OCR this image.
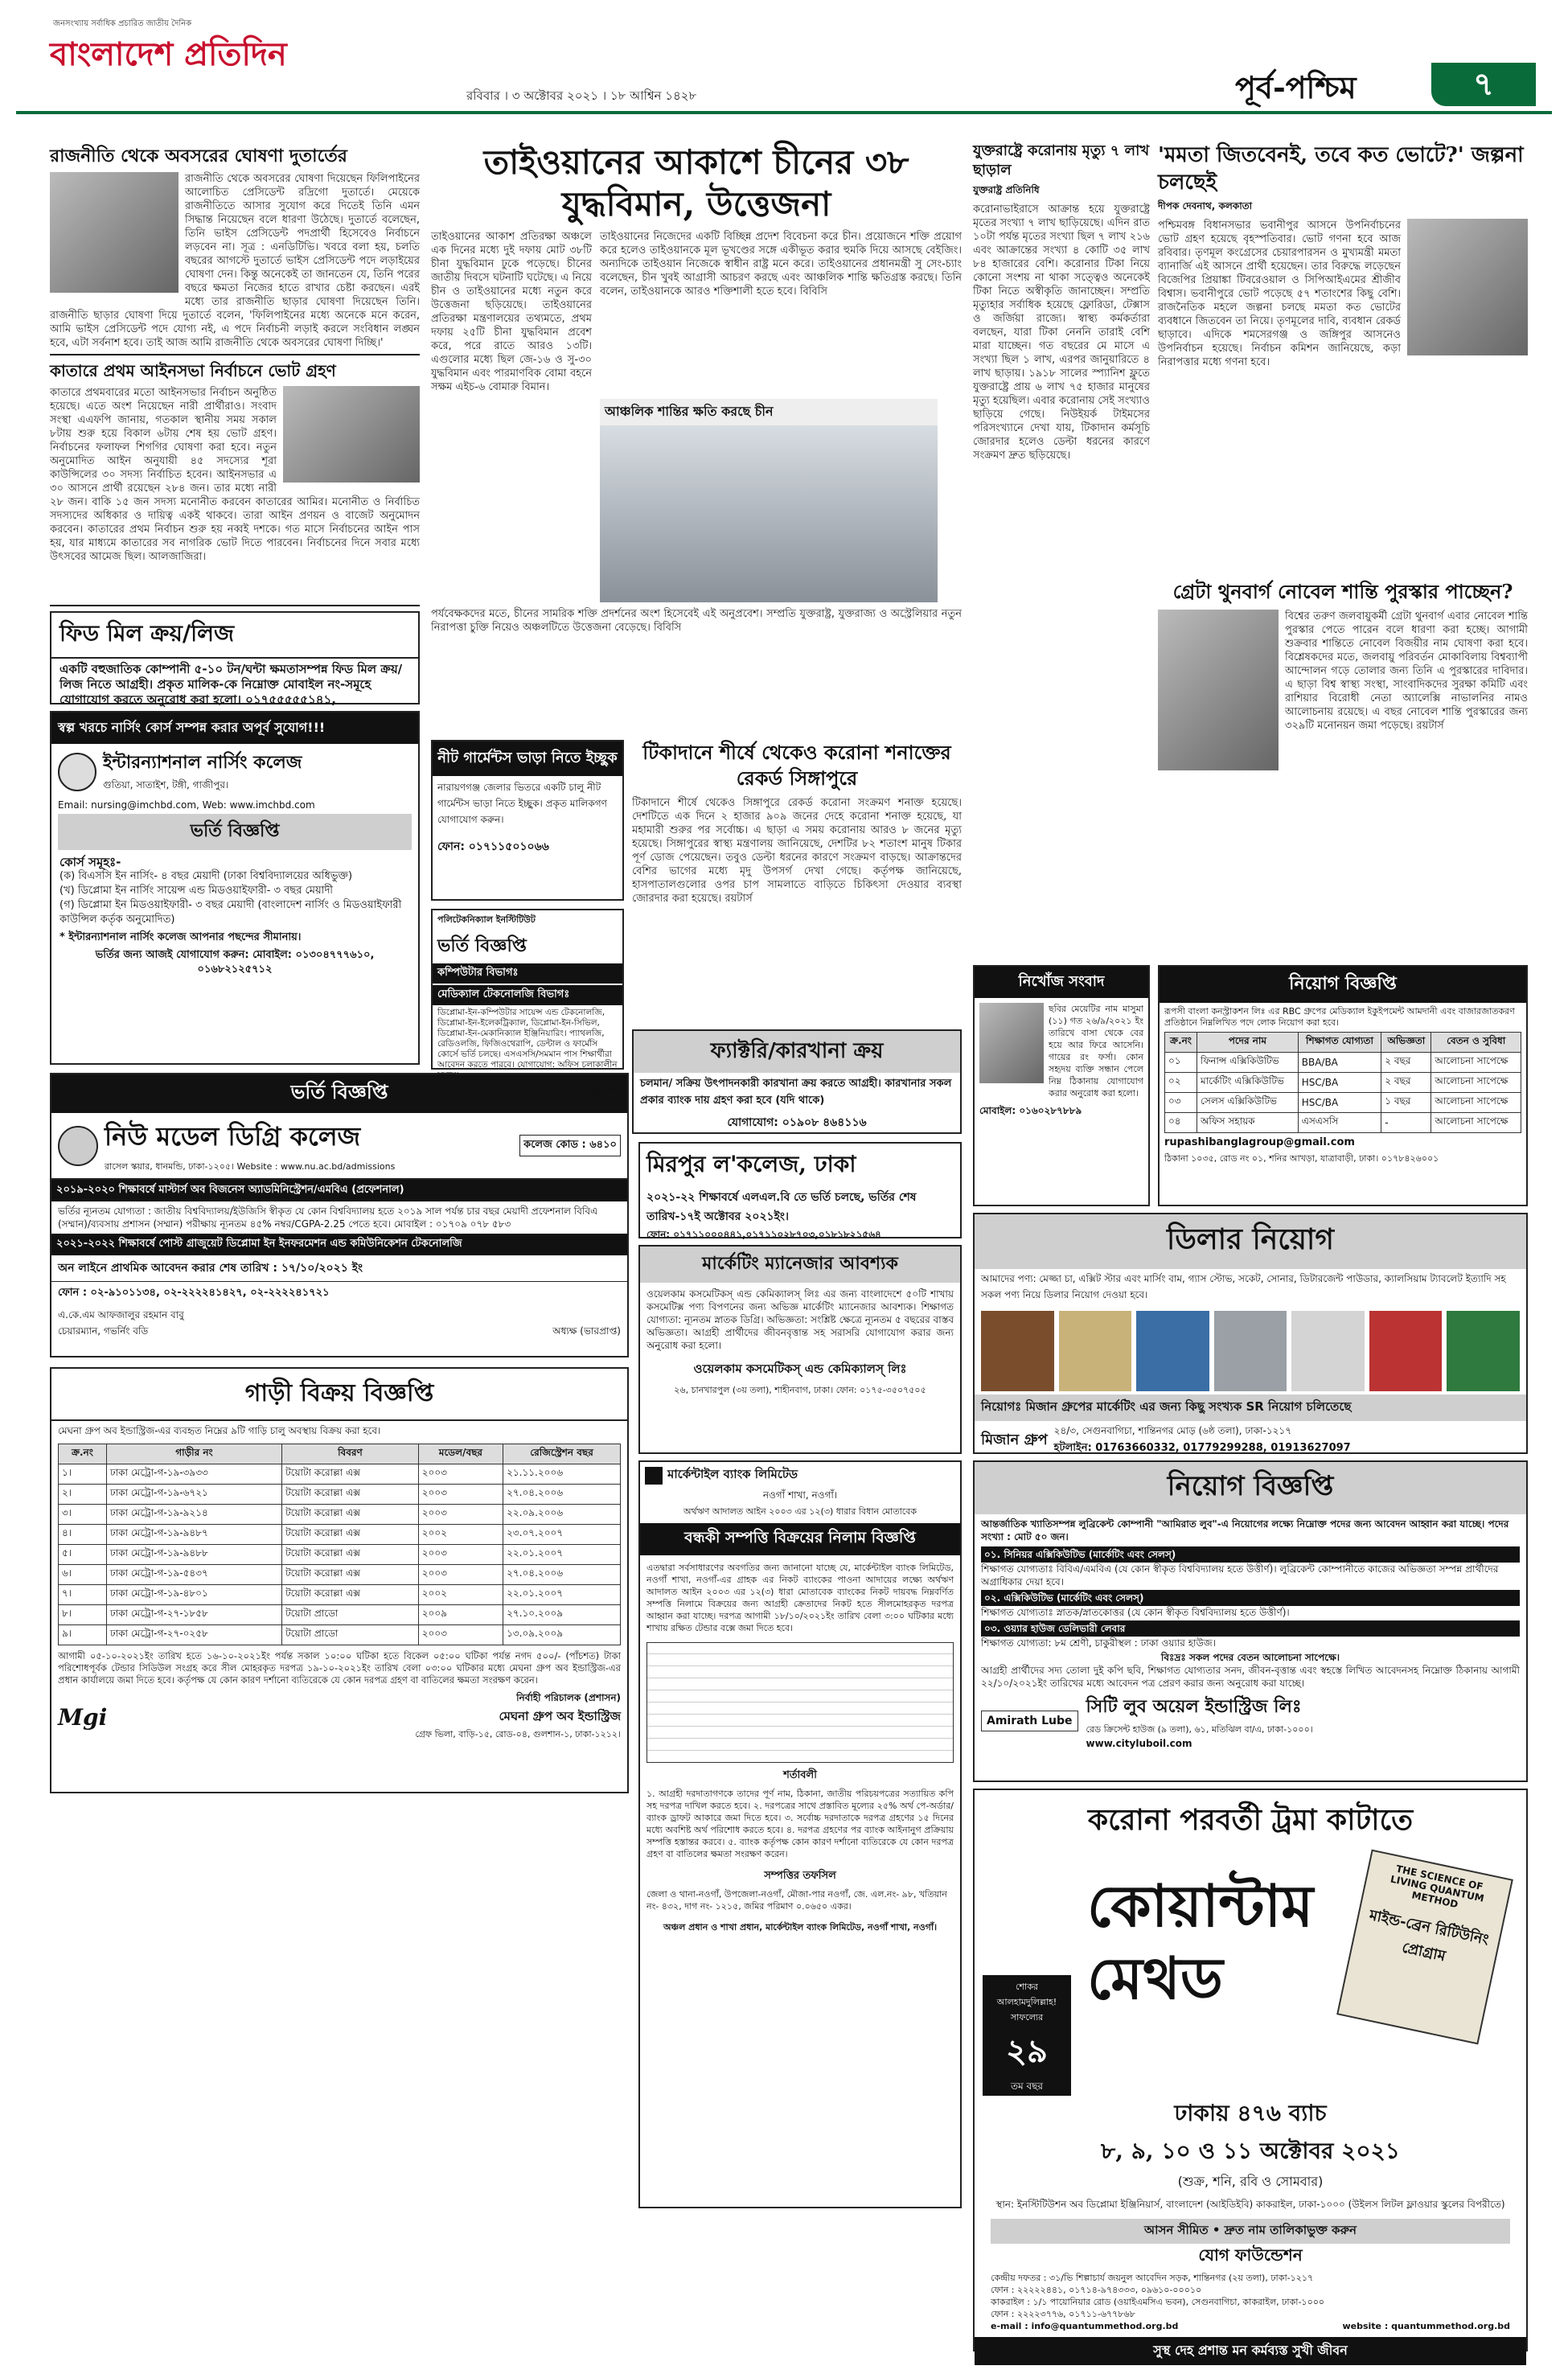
জনসংখ্যায় সর্বাধিক প্রচারিত জাতীয় দৈনিক
বাংলাদেশ প্রতিদিন
রবিবার । ৩ অক্টোবর ২০২১ । ১৮ আশ্বিন ১৪২৮	পূর্ব-পশ্চিম	৭
রাজনীতি থেকে অবসরের ঘোষণা দুতার্তের
রাজনীতি থেকে অবসরের ঘোষণা দিয়েছেন ফিলিপাইনের আলোচিত প্রেসিডেন্ট রদ্রিগো দুতার্তে। মেয়েকে রাজনীতিতে আসার সুযোগ করে দিতেই তিনি এমন সিদ্ধান্ত নিয়েছেন বলে ধারণা উঠেছে। দুতার্তে বলেছেন, তিনি ভাইস প্রেসিডেন্ট পদপ্রার্থী হিসেবেও নির্বাচনে লড়বেন না। সূত্র : এনডিটিভি। খবরে বলা হয়, চলতি বছরের আগস্টে দুতার্তে ভাইস প্রেসিডেন্ট পদে লড়াইয়ের ঘোষণা দেন। কিন্তু অনেকেই তা জানতেন যে, তিনি পরের বছরে ক্ষমতা নিজের হাতে রাখার চেষ্টা করছেন। এরই মধ্যে তার রাজনীতি ছাড়ার ঘোষণা দিয়েছেন তিনি। রাজনীতি ছাড়ার ঘোষণা দিয়ে দুতার্তে বলেন, 'ফিলিপাইনের মধ্যে অনেকে মনে করেন, আমি ভাইস প্রেসিডেন্ট পদে যোগ্য নই, এ পদে নির্বাচনী লড়াই করলে সংবিধান লঙ্ঘন হবে, এটা সর্বনাশ হবে। তাই আজ আমি রাজনীতি থেকে অবসরের ঘোষণা দিচ্ছি।'
কাতারে প্রথম আইনসভা নির্বাচনে ভোট গ্রহণ
কাতারে প্রথমবারের মতো আইনসভার নির্বাচন অনুষ্ঠিত হয়েছে। এতে অংশ নিয়েছেন নারী প্রার্থীরাও। সংবাদ সংস্থা এএফপি জানায়, গতকাল স্থানীয় সময় সকাল ৮টায় শুরু হয়ে বিকাল ৬টায় শেষ হয় ভোট গ্রহণ। নির্বাচনের ফলাফল শিগগির ঘোষণা করা হবে। নতুন অনুমোদিত আইন অনুযায়ী ৪৫ সদস্যের শূরা কাউন্সিলের ৩০ সদস্য নির্বাচিত হবেন। আইনসভার এ ৩০ আসনে প্রার্থী রয়েছেন ২৮৪ জন। তার মধ্যে নারী ২৮ জন। বাকি ১৫ জন সদস্য মনোনীত করবেন কাতারের আমির। মনোনীত ও নির্বাচিত সদস্যদের অধিকার ও দায়িত্ব একই থাকবে। তারা আইন প্রণয়ন ও বাজেট অনুমোদন করবেন। কাতারের প্রথম নির্বাচন শুরু হয় নব্বই দশকে। গত মাসে নির্বাচনের আইন পাস হয়, যার মাধ্যমে কাতারের সব নাগরিক ভোট দিতে পারবেন। নির্বাচনের দিনে সবার মধ্যে উৎসবের আমেজ ছিল। আলজাজিরা।
ফিড মিল ক্রয়/লিজ
একটি বহুজাতিক কোম্পানী ৫-১০ টন/ঘন্টা ক্ষমতাসম্পন্ন ফিড মিল ক্রয়/লিজ নিতে আগ্রহী। প্রকৃত মালিক-কে নিম্নোক্ত মোবাইল নং-সমূহে যোগাযোগ করতে অনুরোধ করা হলো। ০১৭৫৫৫৫৫১৪১,
স্বল্প খরচে নার্সিং কোর্স সম্পন্ন করার অপূর্ব সুযোগ!!!
ইন্টারন্যাশনাল নার্সিং কলেজ
গুতিয়া, সাতাইশ, টঙ্গী, গাজীপুর।
Email: nursing@imchbd.com, Web: www.imchbd.com
ভর্তি বিজ্ঞপ্তি
কোর্স সমূহঃ-
(ক) বিএসসি ইন নার্সিং- ৪ বছর মেয়াদী (ঢাকা বিশ্ববিদ্যালয়ের অধিভুক্ত)
(খ) ডিপ্লোমা ইন নার্সিং সায়েন্স এন্ড মিডওয়াইফারী- ৩ বছর মেয়াদী
(গ) ডিপ্লোমা ইন মিডওয়াইফারী- ৩ বছর মেয়াদী (বাংলাদেশ নার্সিং ও মিডওয়াইফারী কাউন্সিল কর্তৃক অনুমোদিত)
* ইন্টারন্যাশনাল নার্সিং কলেজ আপনার পছন্দের সীমানায়।
ভর্তির জন্য আজই যোগাযোগ করুন: মোবাইল: ০১৩০৪৭৭৭৬১০, ০১৬৮২১২৫৭১২
ভর্তি বিজ্ঞপ্তি
নিউ মডেল ডিগ্রি কলেজ
রাসেল স্কয়ার, ধানমন্ডি, ঢাকা-১২০৫। Website : www.nu.ac.bd/admissions
কলেজ কোড : ৬৪১০
২০১৯-২০২০ শিক্ষাবর্ষে মাস্টার্স অব বিজনেস অ্যাডমিনিস্ট্রেশন/এমবিএ (প্রফেশনাল)
ভর্তির ন্যূনতম যোগ্যতা : জাতীয় বিশ্ববিদ্যালয়/ইউজিসি স্বীকৃত যে কোন বিশ্ববিদ্যালয় হতে ২০১৯ সাল পর্যন্ত চার বছর মেয়াদী প্রফেশনাল বিবিএ (সম্মান)/ব্যবসায় প্রশাসন (সম্মান) পরীক্ষায় ন্যূনতম ৪৫% নম্বর/CGPA-2.25 পেতে হবে। মোবাইল : ০১৭০৯ ০৭৮ ৫৮৩
২০২১-২০২২ শিক্ষাবর্ষে পোস্ট গ্রাজুয়েট ডিপ্লোমা ইন ইনফরমেশন এন্ড কমিউনিকেশন টেকনোলজি
অন লাইনে প্রাথমিক আবেদন করার শেষ তারিখ : ১৭/১০/২০২১ ইং
ফোন : ০২-৯১০১১৩৪, ০২-২২২২৪১৪২৭, ০২-২২২২৪১৭২১
এ.কে.এম আফজালুর রহমান বাবু
চেয়ারম্যান, গভর্নিং বডি	অধ্যক্ষ (ভারপ্রাপ্ত)
গাড়ী বিক্রয় বিজ্ঞপ্তি
মেঘনা গ্রুপ অব ইন্ডাস্ট্রিজ-এর ব্যবহৃত নিম্নের ৯টি গাড়ি চালু অবস্থায় বিক্রয় করা হবে।
ক্র.নং	গাড়ীর নং	বিবরণ	মডেল/বছর	রেজিস্ট্রেশন বছর
১।	ঢাকা মেট্রো-গ-১৯-৩৯৩৩	টয়োটা করোল্লা এক্স	২০০৩	২১.১১.২০০৬
২।	ঢাকা মেট্রো-গ-১৯-৬৭২১	টয়োটা করোল্লা এক্স	২০০৩	২৭.০৪.২০০৬
৩।	ঢাকা মেট্রো-গ-১৯-৯২১৪	টয়োটা করোল্লা এক্স	২০০৩	২২.০৯.২০০৬
৪।	ঢাকা মেট্রো-গ-১৯-৯৪৮৭	টয়োটা করোল্লা এক্স	২০০২	২৩.০৭.২০০৭
৫।	ঢাকা মেট্রো-গ-১৯-৯৪৮৮	টয়োটা করোল্লা এক্স	২০০৩	২২.০১.২০০৭
৬।	ঢাকা মেট্রো-গ-১৯-৫৪৩৭	টয়োটা করোল্লা এক্স	২০০৩	২৭.০৪.২০০৬
৭।	ঢাকা মেট্রো-গ-১৯-৪৮০১	টয়োটা করোল্লা এক্স	২০০২	২২.০১.২০০৭
৮।	ঢাকা মেট্রো-গ-২৭-১৮৫৮	টয়োটা প্রাডো	২০০৯	২৭.১০.২০০৯
৯।	ঢাকা মেট্রো-গ-২৭-০২৫৮	টয়োটা প্রাডো	২০০৩	১৩.০৯.২০০৯
আগামী ০৫-১০-২০২১ইং তারিখ হতে ১৬-১০-২০২১ইং পর্যন্ত সকাল ১০:০০ ঘটিকা হতে বিকেল ০৫:০০ ঘটিকা পর্যন্ত নগদ ৫০০/- (পাঁচশত) টাকা পরিশোধপূর্বক টেন্ডার সিডিউল সংগ্রহ করে সীল মোহরকৃত দরপত্র ১৯-১০-২০২১ইং তারিখ বেলা ০৩:০০ ঘটিকার মধ্যে মেঘনা গ্রুপ অব ইন্ডাস্ট্রিজ-এর প্রধান কার্যালয়ে জমা দিতে হবে। কর্তৃপক্ষ যে কোন কারণ দর্শানো ব্যতিরেকে যে কোন দরপত্র গ্রহণ বা বাতিলের ক্ষমতা সংরক্ষণ করেন।
Mgi
নির্বাহী পরিচালক (প্রশাসন)
মেঘনা গ্রুপ অব ইন্ডাস্ট্রিজ
গ্রেফ ভিলা, বাড়ি-১৫, রোড-০৪, গুলশান-১, ঢাকা-১২১২।
তাইওয়ানের আকাশে চীনের ৩৮ যুদ্ধবিমান, উত্তেজনা
তাইওয়ানের আকাশ প্রতিরক্ষা অঞ্চলে এক দিনের মধ্যে দুই দফায় মোট ৩৮টি চীনা যুদ্ধবিমান ঢুকে পড়েছে। চীনের জাতীয় দিবসে ঘটনাটি ঘটেছে। এ নিয়ে চীন ও তাইওয়ানের মধ্যে নতুন করে উত্তেজনা ছড়িয়েছে। তাইওয়ানের প্রতিরক্ষা মন্ত্রণালয়ের তথ্যমতে, প্রথম দফায় ২৫টি চীনা যুদ্ধবিমান প্রবেশ করে, পরে রাতে আরও ১৩টি। এগুলোর মধ্যে ছিল জে-১৬ ও সু-৩০ যুদ্ধবিমান এবং পারমাণবিক বোমা বহনে সক্ষম এইচ-৬ বোমারু বিমান।
তাইওয়ানের নিজেদের একটি বিচ্ছিন্ন প্রদেশ বিবেচনা করে চীন। প্রয়োজনে শক্তি প্রয়োগ করে হলেও তাইওয়ানকে মূল ভূখণ্ডের সঙ্গে একীভূত করার হুমকি দিয়ে আসছে বেইজিং। অন্যদিকে তাইওয়ান নিজেকে স্বাধীন রাষ্ট্র মনে করে। তাইওয়ানের প্রধানমন্ত্রী সু সেং-চ্যাং বলেছেন, চীন খুবই আগ্রাসী আচরণ করছে এবং আঞ্চলিক শান্তি ক্ষতিগ্রস্ত করছে। তিনি বলেন, তাইওয়ানকে আরও শক্তিশালী হতে হবে। বিবিসি
আঞ্চলিক শান্তির ক্ষতি করছে চীন
পর্যবেক্ষকদের মতে, চীনের সামরিক শক্তি প্রদর্শনের অংশ হিসেবেই এই অনুপ্রবেশ। সম্প্রতি যুক্তরাষ্ট্র, যুক্তরাজ্য ও অস্ট্রেলিয়ার নতুন নিরাপত্তা চুক্তি নিয়েও অঞ্চলটিতে উত্তেজনা বেড়েছে। বিবিসি
নীট গার্মেন্টস ভাড়া নিতে ইচ্ছুক
নারায়ণগঞ্জ জেলার ভিতরে একটি চালু নীট গার্মেন্টস ভাড়া নিতে ইচ্ছুক। প্রকৃত মালিকগণ যোগাযোগ করুন।
ফোন: ০১৭১১৫০১০৬৬
পলিটেকনিক্যাল ইনস্টিটিউট
ভর্তি বিজ্ঞপ্তি
কম্পিউটার বিভাগঃ
মেডিক্যাল টেকনোলজি বিভাগঃ
ডিপ্লোমা-ইন-কম্পিউটার সায়েন্স এন্ড টেকনোলজি, ডিপ্লোমা-ইন-ইলেকট্রিক্যাল, ডিপ্লোমা-ইন-সিভিল, ডিপ্লোমা-ইন-মেকানিক্যাল ইঞ্জিনিয়ারিং। প্যাথলজি, রেডিওলজি, ফিজিওথেরাপি, ডেন্টাল ও ফার্মেসি কোর্সে ভর্তি চলছে। এসএসসি/সমমান পাস শিক্ষার্থীরা আবেদন করতে পারবে। যোগাযোগ: অফিস চলাকালীন সময়ে।
পরিচালক
টিকাদানে শীর্ষে থেকেও করোনা শনাক্তের রেকর্ড সিঙ্গাপুরে
টিকাদানে শীর্ষে থেকেও সিঙ্গাপুরে রেকর্ড করোনা সংক্রমণ শনাক্ত হয়েছে। দেশটিতে এক দিনে ২ হাজার ৯০৯ জনের দেহে করোনা শনাক্ত হয়েছে, যা মহামারী শুরুর পর সর্বোচ্চ। এ ছাড়া এ সময় করোনায় আরও ৮ জনের মৃত্যু হয়েছে। সিঙ্গাপুরের স্বাস্থ্য মন্ত্রণালয় জানিয়েছে, দেশটির ৮২ শতাংশ মানুষ টিকার পূর্ণ ডোজ পেয়েছেন। তবুও ডেল্টা ধরনের কারণে সংক্রমণ বাড়ছে। আক্রান্তদের বেশির ভাগের মধ্যে মৃদু উপসর্গ দেখা গেছে। কর্তৃপক্ষ জানিয়েছে, হাসপাতালগুলোর ওপর চাপ সামলাতে বাড়িতে চিকিৎসা দেওয়ার ব্যবস্থা জোরদার করা হয়েছে। রয়টার্স
ফ্যাক্টরি/কারখানা ক্রয়
চলমান/ সক্রিয় উৎপাদনকারী কারখানা ক্রয় করতে আগ্রহী। কারখানার সকল প্রকার ব্যাংক দায় গ্রহণ করা হবে (যদি থাকে)
যোগাযোগ: ০১৯০৮ ৪৬৪১১৬
মিরপুর ল'কলেজ, ঢাকা
২০২১-২২ শিক্ষাবর্ষে এলএল.বি তে ভর্তি চলছে, ভর্তির শেষ তারিখ-১৭ই অক্টোবর ২০২১ইং।
ফোন: ০১৭১১০০০৪৪১,০১৭১১০২৮৭০৩,০১৮১৮২১৫৬৪
মার্কেটিং ম্যানেজার আবশ্যক
ওয়েলকাম কসমেটিকস্ এন্ড কেমিক্যালস্ লিঃ এর জন্য বাংলাদেশে ৫০টি শাখায় কসমেটিক্স পণ্য বিপণনের জন্য অভিজ্ঞ মার্কেটিং ম্যানেজার আবশ্যক। শিক্ষাগত যোগ্যতা: ন্যূনতম স্নাতক ডিগ্রি। অভিজ্ঞতা: সংশ্লিষ্ট ক্ষেত্রে ন্যূনতম ৫ বছরের বাস্তব অভিজ্ঞতা। আগ্রহী প্রার্থীদের জীবনবৃত্তান্ত সহ সরাসরি যোগাযোগ করার জন্য অনুরোধ করা হলো।
ওয়েলকাম কসমেটিকস্ এন্ড কেমিক্যালস্ লিঃ
২৬, চানখারপুল (৩য় তলা), শাহীনবাগ, ঢাকা। ফোন: ০১৭৫-৩৫০৭৫০৫
মার্কেন্টাইল ব্যাংক লিমিটেড
নওগাঁ শাখা, নওগাঁ।
অর্থঋণ আদালত আইন ২০০৩ এর ১২(৩) ধারার বিধান মোতাবেক
বন্ধকী সম্পত্তি বিক্রয়ের নিলাম বিজ্ঞপ্তি
এতদ্বারা সর্বসাধারণের অবগতির জন্য জানানো যাচ্ছে যে, মার্কেন্টাইল ব্যাংক লিমিটেড, নওগাঁ শাখা, নওগাঁ-এর গ্রাহক এর নিকট ব্যাংকের পাওনা আদায়ের লক্ষ্যে অর্থঋণ আদালত আইন ২০০৩ এর ১২(৩) ধারা মোতাবেক ব্যাংকের নিকট দায়বদ্ধ নিম্নবর্ণিত সম্পত্তি নিলামে বিক্রয়ের জন্য আগ্রহী ক্রেতাদের নিকট হতে সীলমোহরকৃত দরপত্র আহ্বান করা যাচ্ছে। দরপত্র আগামী ১৮/১০/২০২১ইং তারিখ বেলা ৩:০০ ঘটিকার মধ্যে শাখায় রক্ষিত টেন্ডার বক্সে জমা দিতে হবে।
শর্তাবলী
১. আগ্রহী দরদাতাগণকে তাদের পূর্ণ নাম, ঠিকানা, জাতীয় পরিচয়পত্রের সত্যায়িত কপি সহ দরপত্র দাখিল করতে হবে। ২. দরপত্রের সাথে প্রস্তাবিত মূল্যের ২৫% অর্থ পে-অর্ডার/ব্যাংক ড্রাফট আকারে জমা দিতে হবে। ৩. সর্বোচ্চ দরদাতাকে দরপত্র গ্রহণের ১৫ দিনের মধ্যে অবশিষ্ট অর্থ পরিশোধ করতে হবে। ৪. দরপত্র গ্রহণের পর ব্যাংক আইনানুগ প্রক্রিয়ায় সম্পত্তি হস্তান্তর করবে। ৫. ব্যাংক কর্তৃপক্ষ কোন কারণ দর্শানো ব্যতিরেকে যে কোন দরপত্র গ্রহণ বা বাতিলের ক্ষমতা সংরক্ষণ করেন।
সম্পত্তির তফসিল
জেলা ও থানা-নওগাঁ, উপজেলা-নওগাঁ, মৌজা-পার নওগাঁ, জে. এল.নং- ৯৮, খতিয়ান নং- ৪৩২, দাগ নং- ১২১৫, জমির পরিমাণ ০.০৬৫০ একর।
অঞ্চল প্রধান ও শাখা প্রধান, মার্কেন্টাইল ব্যাংক লিমিটেড, নওগাঁ শাখা, নওগাঁ।
যুক্তরাষ্ট্রে করোনায় মৃত্যু ৭ লাখ ছাড়াল
যুক্তরাষ্ট্র প্রতিনিধি
করোনাভাইরাসে আক্রান্ত হয়ে যুক্তরাষ্ট্রে মৃতের সংখ্যা ৭ লাখ ছাড়িয়েছে। এদিন রাত ১০টা পর্যন্ত মৃতের সংখ্যা ছিল ৭ লাখ ২১৬ এবং আক্রান্তের সংখ্যা ৪ কোটি ৩৫ লাখ ৮৪ হাজারের বেশি। করোনার টিকা নিয়ে কোনো সংশয় না থাকা সত্ত্বেও অনেকেই টিকা নিতে অস্বীকৃতি জানাচ্ছেন। সম্প্রতি মৃত্যুহার সর্বাধিক হয়েছে ফ্লোরিডা, টেক্সাস ও জর্জিয়া রাজ্যে। স্বাস্থ্য কর্মকর্তারা বলছেন, যারা টিকা নেননি তারাই বেশি মারা যাচ্ছেন। গত বছরের মে মাসে এ সংখ্যা ছিল ১ লাখ, এরপর জানুয়ারিতে ৪ লাখ ছাড়ায়। ১৯১৮ সালের স্প্যানিশ ফ্লুতে যুক্তরাষ্ট্রে প্রায় ৬ লাখ ৭৫ হাজার মানুষের মৃত্যু হয়েছিল। এবার করোনায় সেই সংখ্যাও ছাড়িয়ে গেছে। নিউইয়র্ক টাইমসের পরিসংখ্যানে দেখা যায়, টিকাদান কর্মসূচি জোরদার হলেও ডেল্টা ধরনের কারণে সংক্রমণ দ্রুত ছড়িয়েছে।
'মমতা জিতবেনই, তবে কত ভোটে?' জল্পনা চলছেই
দীপক দেবনাথ, কলকাতা
পশ্চিমবঙ্গ বিধানসভার ভবানীপুর আসনে উপনির্বাচনের ভোট গ্রহণ হয়েছে বৃহস্পতিবার। ভোট গণনা হবে আজ রবিবার। তৃণমূল কংগ্রেসের চেয়ারপারসন ও মুখ্যমন্ত্রী মমতা ব্যানার্জি এই আসনে প্রার্থী হয়েছেন। তার বিরুদ্ধে লড়েছেন বিজেপির প্রিয়াঙ্কা টিবরেওয়াল ও সিপিআইএমের শ্রীজীব বিশ্বাস। ভবানীপুরে ভোট পড়েছে ৫৭ শতাংশের কিছু বেশি। রাজনৈতিক মহলে জল্পনা চলছে মমতা কত ভোটের ব্যবধানে জিতবেন তা নিয়ে। তৃণমূলের দাবি, ব্যবধান রেকর্ড ছাড়াবে। এদিকে শমসেরগঞ্জ ও জঙ্গিপুর আসনেও উপনির্বাচন হয়েছে। নির্বাচন কমিশন জানিয়েছে, কড়া নিরাপত্তার মধ্যে গণনা হবে।
গ্রেটা থুনবার্গ নোবেল শান্তি পুরস্কার পাচ্ছেন?
বিশ্বের তরুণ জলবায়ুকর্মী গ্রেটা থুনবার্গ এবার নোবেল শান্তি পুরস্কার পেতে পারেন বলে ধারণা করা হচ্ছে। আগামী শুক্রবার শান্তিতে নোবেল বিজয়ীর নাম ঘোষণা করা হবে। বিশ্লেষকদের মতে, জলবায়ু পরিবর্তন মোকাবিলায় বিশ্বব্যাপী আন্দোলন গড়ে তোলার জন্য তিনি এ পুরস্কারের দাবিদার। এ ছাড়া বিশ্ব স্বাস্থ্য সংস্থা, সাংবাদিকদের সুরক্ষা কমিটি এবং রাশিয়ার বিরোধী নেতা অ্যালেক্সি নাভালনির নামও আলোচনায় রয়েছে। এ বছর নোবেল শান্তি পুরস্কারের জন্য ৩২৯টি মনোনয়ন জমা পড়েছে। রয়টার্স
নিখোঁজ সংবাদ
ছবির মেয়েটির নাম মাসুমা (১১) গত ২৬/৯/২০২১ ইং তারিখে বাসা থেকে বের হয়ে আর ফিরে আসেনি। গায়ের রং ফর্সা। কোন সহৃদয় ব্যক্তি সন্ধান পেলে নিম্ন ঠিকানায় যোগাযোগ করার অনুরোধ করা হলো।
মোবাইল: ০১৬০২৮৭৮৮৯
নিয়োগ বিজ্ঞপ্তি
রূপসী বাংলা কনস্ট্রাকশন লিঃ এর RBC গ্রুপের মেডিক্যাল ইকুইপমেন্ট আমদানী এবং বাজারজাতকরণ প্রতিষ্ঠানে নিম্নলিখিত পদে লোক নিয়োগ করা হবে।
ক্র.নং	পদের নাম	শিক্ষাগত যোগ্যতা	অভিজ্ঞতা	বেতন ও সুবিধা
০১	ফিনান্স এক্সিকিউটিভ	BBA/BA	২ বছর	আলোচনা সাপেক্ষে
০২	মার্কেটিং এক্সিকিউটিভ	HSC/BA	২ বছর	আলোচনা সাপেক্ষে
০৩	সেলস এক্সিকিউটিভ	HSC/BA	১ বছর	আলোচনা সাপেক্ষে
০৪	অফিস সহায়ক	এসএসসি	-	আলোচনা সাপেক্ষে
rupashibanglagroup@gmail.com
ঠিকানা ১০৩৫, রোড নং ০১, শনির আখড়া, যাত্রাবাড়ী, ঢাকা। ০১৭৮৪২৬০০১
ডিলার নিয়োগ
আমাদের পণ্য: মেজ্জা চা, এক্সিট স্টার এবং মার্সিং বাম, গ্যাস স্টোভ, সকেট, সোনার, ডিটারজেন্ট পাউডার, ক্যালসিয়াম ট্যাবলেট ইত্যাদি সহ সকল পণ্য নিয়ে ডিলার নিয়োগ দেওয়া হবে।
নিয়োগঃ মিজান গ্রুপের মার্কেটিং এর জন্য কিছু সংখ্যক SR নিয়োগ চলিতেছে
মিজান গ্রুপ
২৪/৩, সেগুনবাগিচা, শান্তিনগর মোড় (৬ষ্ঠ তলা), ঢাকা-১২১৭
হটলাইন: 01763660332, 01779299288, 01913627097
নিয়োগ বিজ্ঞপ্তি
আন্তর্জাতিক খ্যাতিসম্পন্ন লুব্রিকেন্ট কোম্পানী "আমিরাত লুব"-এ নিয়োগের লক্ষ্যে নিম্নোক্ত পদের জন্য আবেদন আহ্বান করা যাচ্ছে। পদের সংখ্যা : মোট ৫০ জন।
০১. সিনিয়র এক্সিকিউটিভ (মার্কেটিং এবং সেলস্)
শিক্ষাগত যোগ্যতাঃ বিবিএ/এমবিএ (যে কোন স্বীকৃত বিশ্ববিদ্যালয় হতে উত্তীর্ণ)। লুব্রিকেন্ট কোম্পানীতে কাজের অভিজ্ঞতা সম্পন্ন প্রার্থীদের অগ্রাধিকার দেয়া হবে।
০২. এক্সিকিউটিভ (মার্কেটিং এবং সেলস্)
শিক্ষাগত যোগ্যতাঃ স্নাতক/স্নাতকোত্তর (যে কোন স্বীকৃত বিশ্ববিদ্যালয় হতে উত্তীর্ণ)।
০৩. ওয়্যার হাউজ ডেলিভারী লেবার
শিক্ষাগত যোগ্যতা: ৮ম শ্রেণী, চাকুরীস্থল : ঢাকা ওয়্যার হাউজ।
বিঃদ্রঃ সকল পদের বেতন আলোচনা সাপেক্ষে।
আগ্রহী প্রার্থীদের সদ্য তোলা দুই কপি ছবি, শিক্ষাগত যোগ্যতার সনদ, জীবন-বৃত্তান্ত এবং স্বহস্তে লিখিত আবেদনসহ নিম্নোক্ত ঠিকানায় আগামী ২২/১০/২০২১ইং তারিখের মধ্যে আবেদন পত্র প্রেরণ করার জন্য অনুরোধ করা যাচ্ছে।
Amirath Lube
সিটি লুব অয়েল ইন্ডাস্ট্রিজ লিঃ
রেড ক্রিসেন্ট হাউজ (৯ তলা), ৬১, মতিঝিল বা/এ, ঢাকা-১০০০।
www.cityluboil.com
করোনা পরবর্তী ট্রমা কাটাতে
কোয়ান্টাম
মেথড
THE SCIENCE OF LIVING QUANTUM METHOD
মাইন্ড-ব্রেন রিটিউনিং প্রোগ্রাম
শোকর আলহামদুলিল্লাহ! সাফল্যের
২৯
তম বছর
ঢাকায় ৪৭৬ ব্যাচ
৮, ৯, ১০ ও ১১ অক্টোবর ২০২১
(শুক্র, শনি, রবি ও সোমবার)
স্থান: ইনস্টিটিউশন অব ডিপ্লোমা ইঞ্জিনিয়ার্স, বাংলাদেশ (আইডিইবি) কাকরাইল, ঢাকা-১০০০ (উইলস লিটল ফ্লাওয়ার স্কুলের বিপরীতে)
আসন সীমিত • দ্রুত নাম তালিকাভুক্ত করুন
যোগ ফাউন্ডেশন
কেন্দ্রীয় দফতর : ৩১/ভি শিল্পাচার্য জয়নুল আবেদিন সড়ক, শান্তিনগর (২য় তলা), ঢাকা-১২১৭
ফোন : ২২২২২৪৪১, ০১৭১৪-৯৭৪৩৩৩, ০৯৬১০-০০০১০
কাকরাইল : ১/১ পায়োনিয়ার রোড (ওয়াইএমসিএ ভবন), সেগুনবাগিচা, কাকরাইল, ঢাকা-১০০০
ফোন : ২২২২৩৭৭৬, ০১৭১১-৬৭৭৮৬৮
e-mail : info@quantummethod.org.bd	website : quantummethod.org.bd
সুস্থ দেহ প্রশান্ত মন কর্মব্যস্ত সুখী জীবন
